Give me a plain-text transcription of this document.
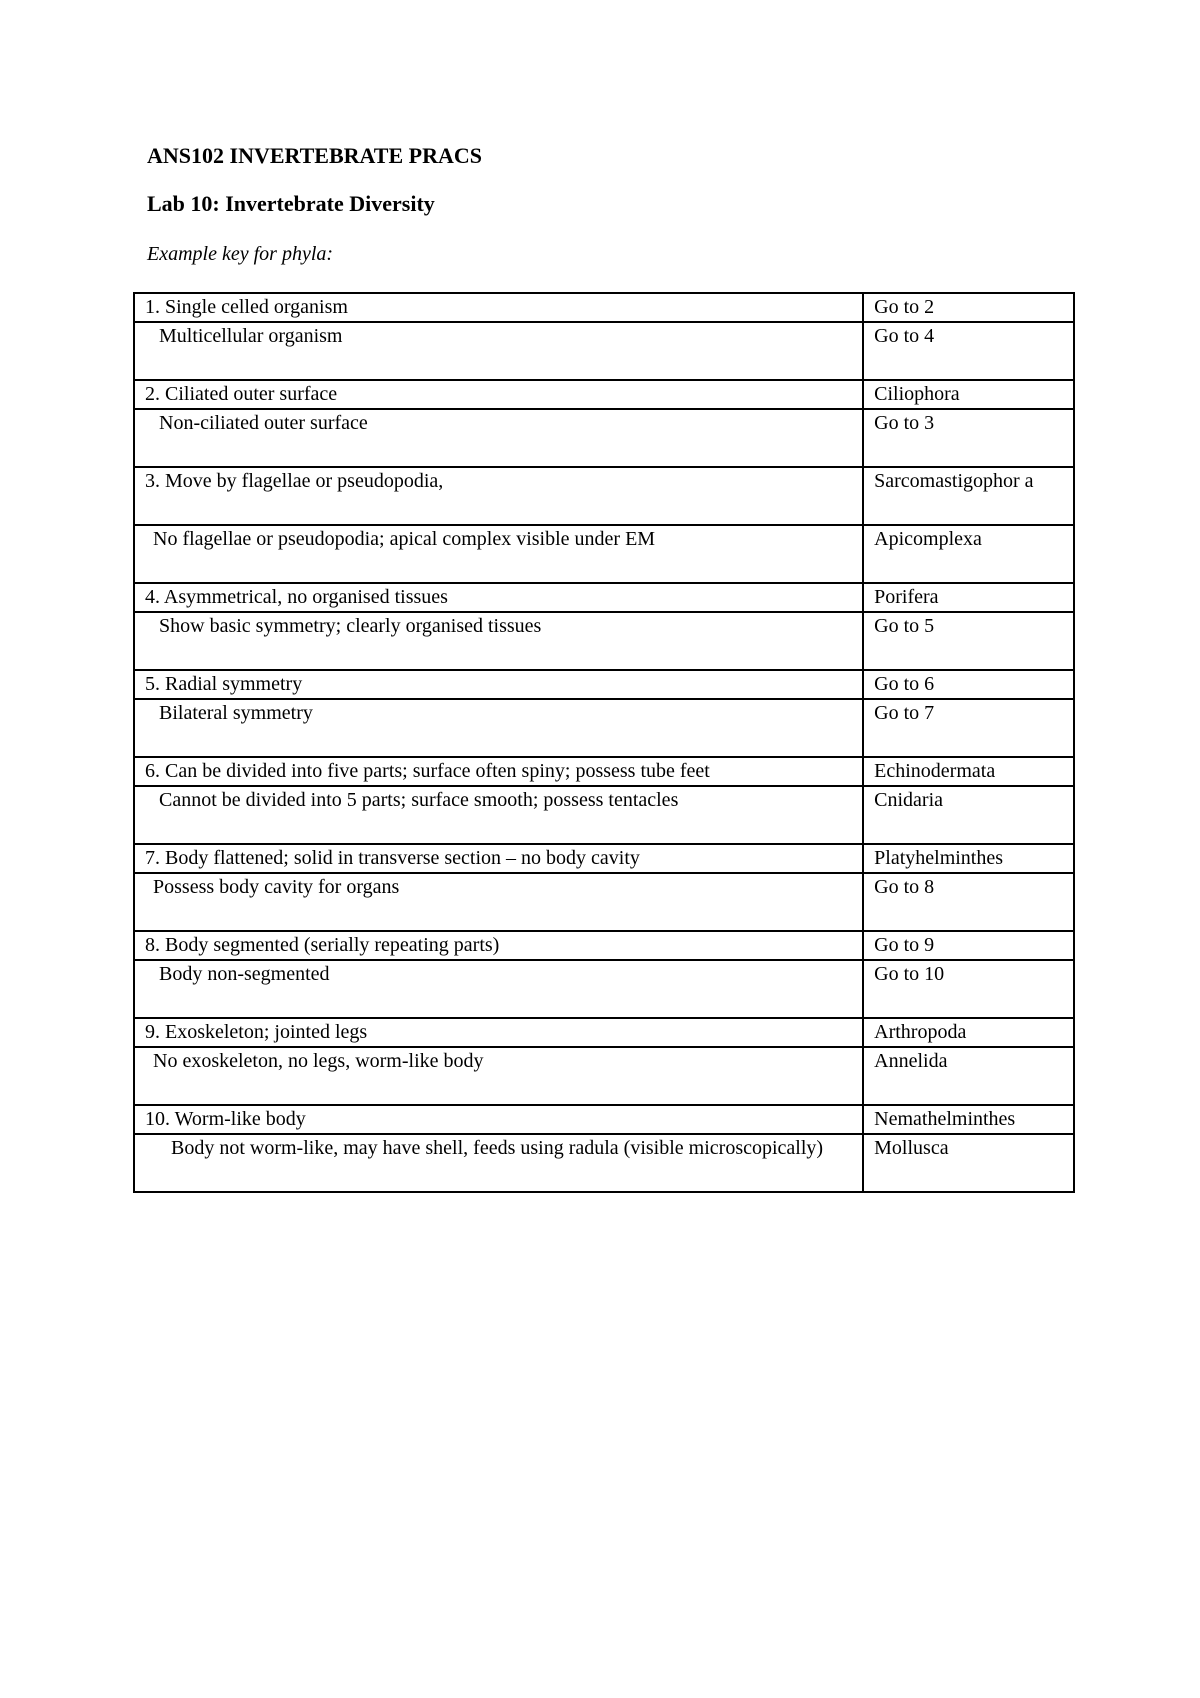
ANS102 INVERTEBRATE PRACS
Lab 10: Invertebrate Diversity

Example key for phyla:

1. Single celled organism	Go to 2
Multicellular organism	Go to 4
2. Ciliated outer surface	Ciliophora
Non-ciliated outer surface	Go to 3
3. Move by flagellae or pseudopodia,	Sarcomastigophor a
No flagellae or pseudopodia; apical complex visible under EM	Apicomplexa
4. Asymmetrical, no organised tissues	Porifera
Show basic symmetry; clearly organised tissues	Go to 5
5. Radial symmetry	Go to 6
Bilateral symmetry	Go to 7
6. Can be divided into five parts; surface often spiny; possess tube feet	Echinodermata
Cannot be divided into 5 parts; surface smooth; possess tentacles	Cnidaria
7. Body flattened; solid in transverse section – no body cavity	Platyhelminthes
Possess body cavity for organs	Go to 8
8. Body segmented (serially repeating parts)	Go to 9
Body non-segmented	Go to 10
9. Exoskeleton; jointed legs	Arthropoda
No exoskeleton, no legs, worm-like body	Annelida
10. Worm-like body	Nemathelminthes
Body not worm-like, may have shell, feeds using radula (visible microscopically)	Mollusca
